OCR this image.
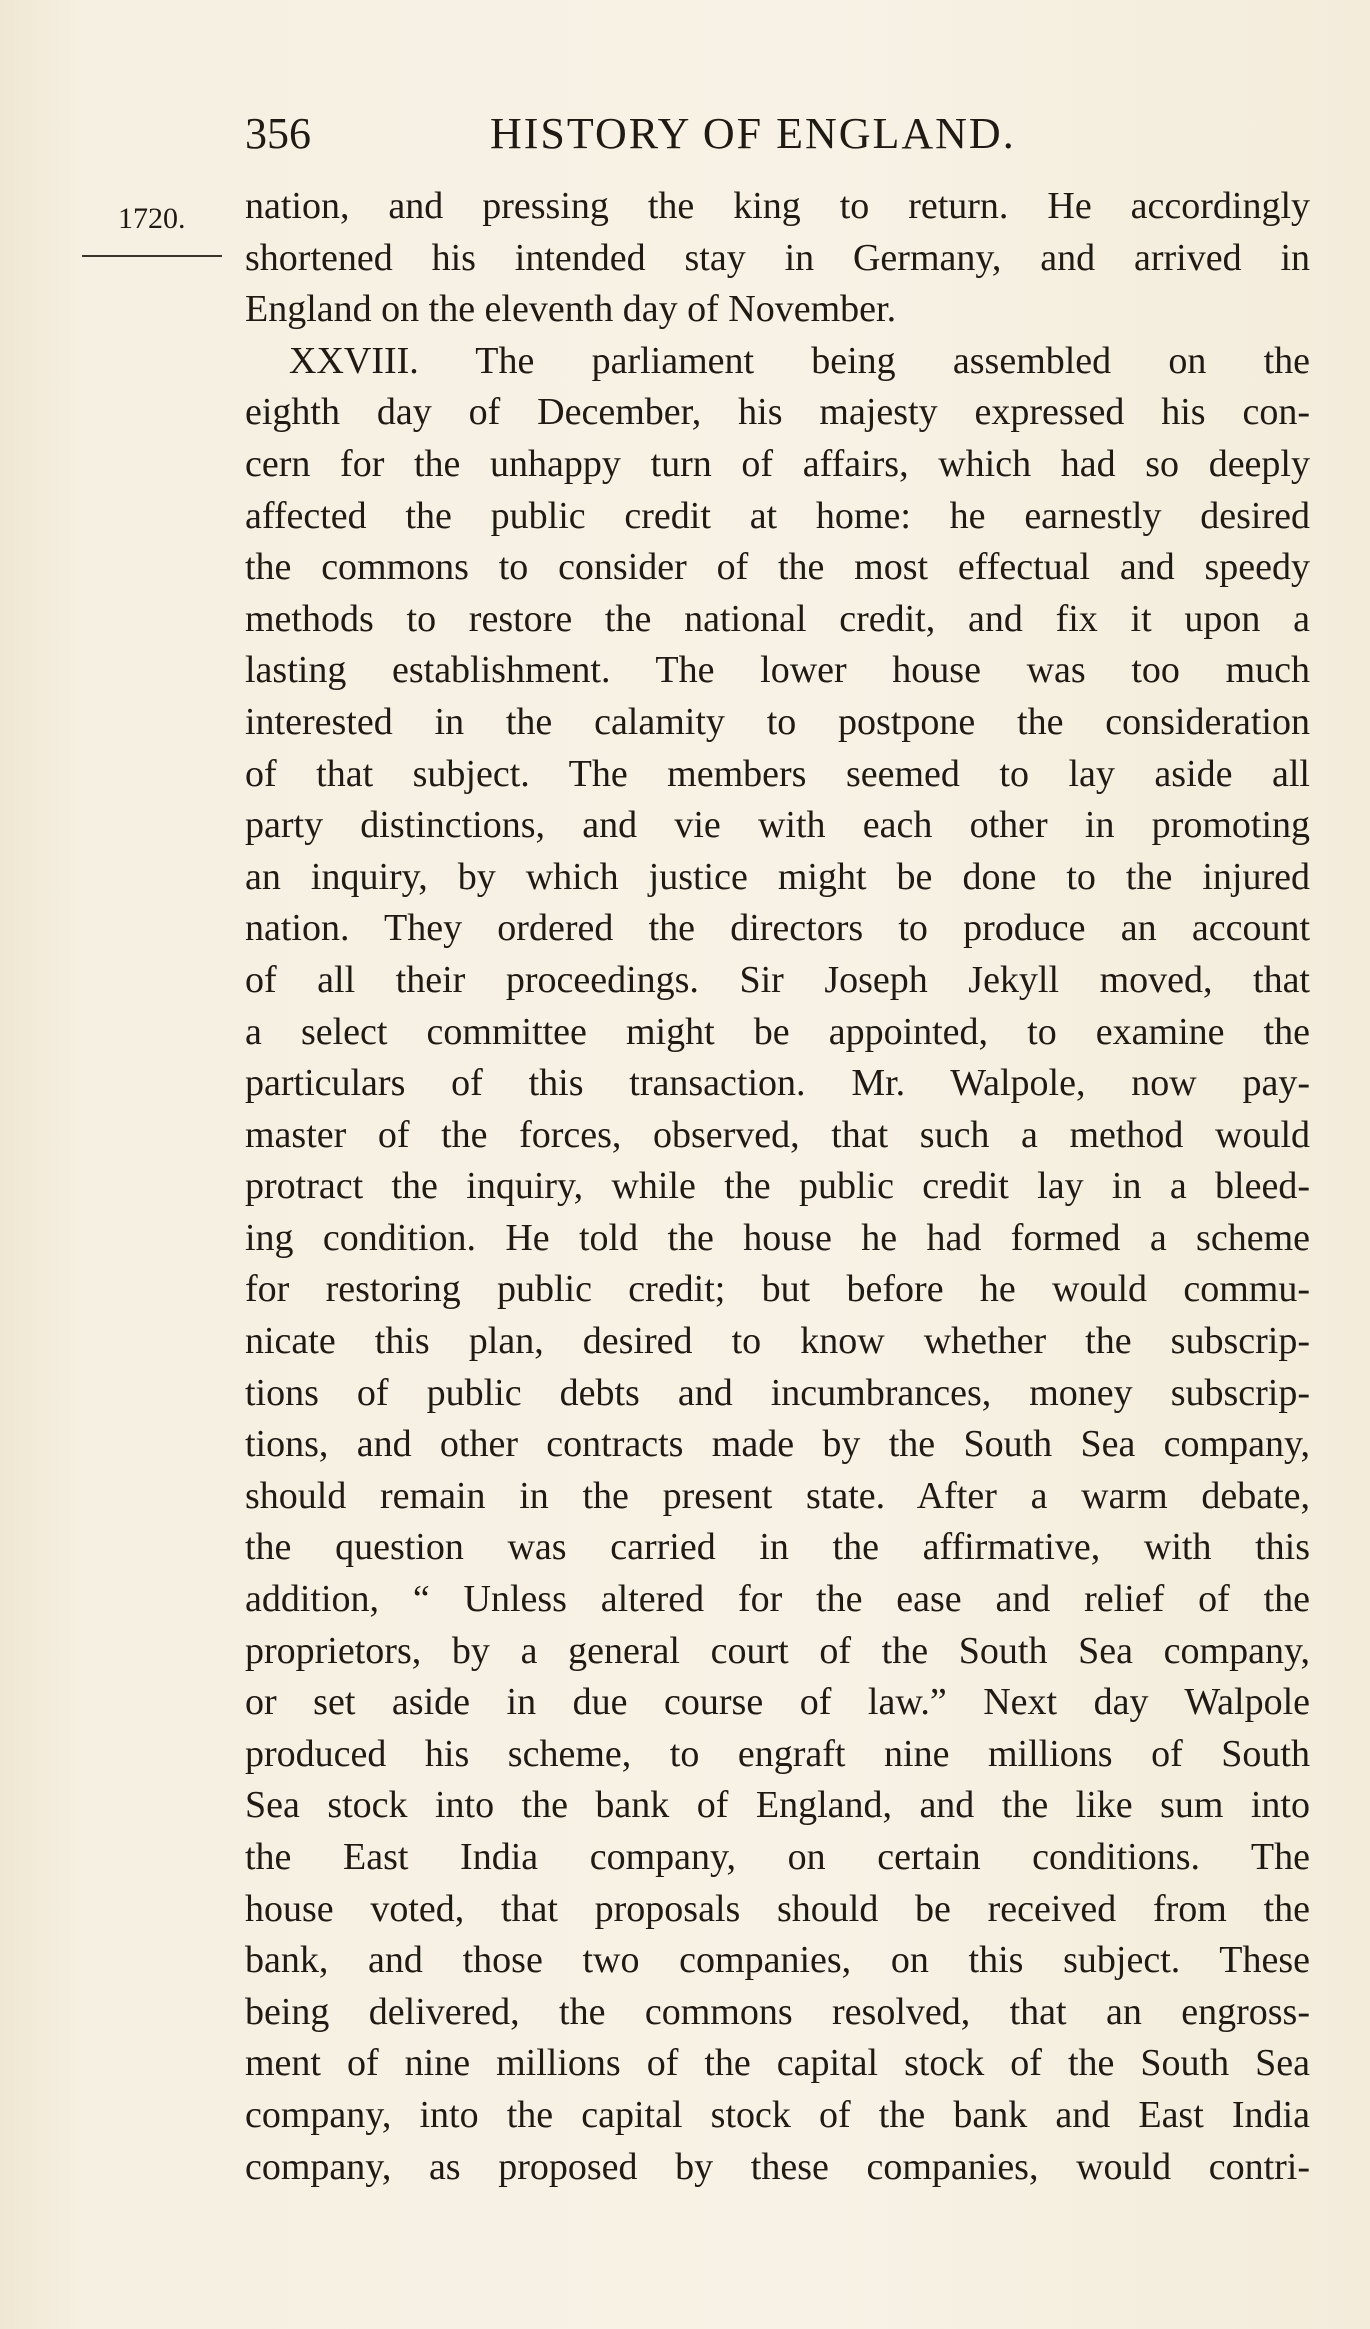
356	HISTORY OF ENGLAND.
1720. nation, and pressing the king to return. He accordingly
shortened his intended stay in Germany, and arrived in
England on the eleventh day of November.
XXVIII. The parliament being assembled on the
eighth day of December, his majesty expressed his con-
cern for the unhappy turn of affairs, which had so deeply
affected the public credit at home: he earnestly desired
the commons to consider of the most effectual and speedy
methods to restore the national credit, and fix it upon a
lasting establishment. The lower house was too much
interested in the calamity to postpone the consideration
of that subject. The members seemed to lay aside all
party distinctions, and vie with each other in promoting
an inquiry, by which justice might be done to the injured
nation. They ordered the directors to produce an account
of all their proceedings. Sir Joseph Jekyll moved, that
a select committee might be appointed, to examine the
particulars of this transaction. Mr. Walpole, now pay-
master of the forces, observed, that such a method would
protract the inquiry, while the public credit lay in a bleed-
ing condition. He told the house he had formed a scheme
for restoring public credit; but before he would commu-
nicate this plan, desired to know whether the subscrip-
tions of public debts and incumbrances, money subscrip-
tions, and other contracts made by the South Sea company,
should remain in the present state. After a warm debate,
the question was carried in the affirmative, with this
addition, “ Unless altered for the ease and relief of the
proprietors, by a general court of the South Sea company,
or set aside in due course of law.” Next day Walpole
produced his scheme, to engraft nine millions of South
Sea stock into the bank of England, and the like sum into
the East India company, on certain conditions. The
house voted, that proposals should be received from the
bank, and those two companies, on this subject. These
being delivered, the commons resolved, that an engross-
ment of nine millions of the capital stock of the South Sea
company, into the capital stock of the bank and East India
company, as proposed by these companies, would contri-
